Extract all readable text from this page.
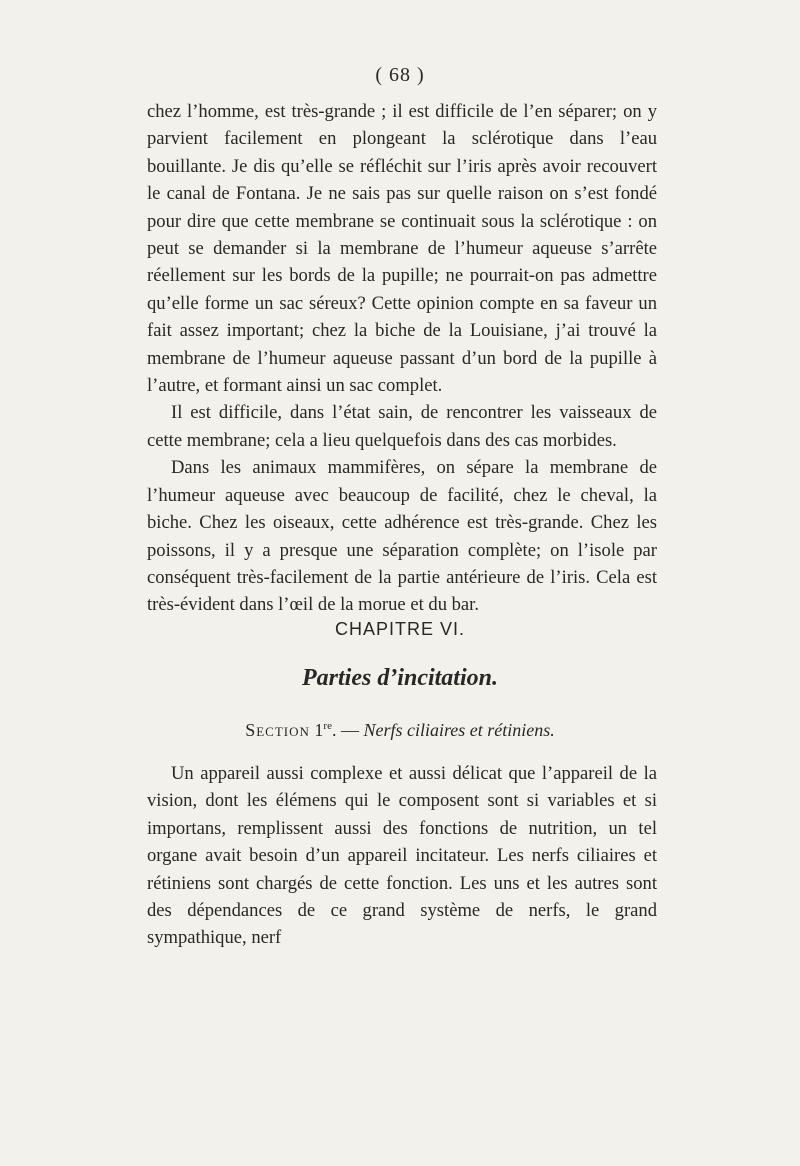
( 68 )

chez l’homme, est très-grande ; il est difficile de l’en séparer; on y parvient facilement en plongeant la sclérotique dans l’eau bouillante. Je dis qu’elle se réfléchit sur l’iris après avoir recouvert le canal de Fontana. Je ne sais pas sur quelle raison on s’est fondé pour dire que cette membrane se continuait sous la sclérotique : on peut se demander si la membrane de l’humeur aqueuse s’arrête réellement sur les bords de la pupille; ne pourrait-on pas admettre qu’elle forme un sac séreux? Cette opinion compte en sa faveur un fait assez important; chez la biche de la Louisiane, j’ai trouvé la membrane de l’humeur aqueuse passant d’un bord de la pupille à l’autre, et formant ainsi un sac complet.

Il est difficile, dans l’état sain, de rencontrer les vaisseaux de cette membrane; cela a lieu quelquefois dans des cas morbides.

Dans les animaux mammifères, on sépare la membrane de l’humeur aqueuse avec beaucoup de facilité, chez le cheval, la biche. Chez les oiseaux, cette adhérence est très-grande. Chez les poissons, il y a presque une séparation complète; on l’isole par conséquent très-facilement de la partie antérieure de l’iris. Cela est très-évident dans l’œil de la morue et du bar.

CHAPITRE VI.
Parties d’incitation.
Section 1re. — Nerfs ciliaires et rétiniens.

Un appareil aussi complexe et aussi délicat que l’appareil de la vision, dont les élémens qui le composent sont si variables et si importans, remplissent aussi des fonctions de nutrition, un tel organe avait besoin d’un appareil incitateur. Les nerfs ciliaires et rétiniens sont chargés de cette fonction. Les uns et les autres sont des dépendances de ce grand système de nerfs, le grand sympathique, nerf
